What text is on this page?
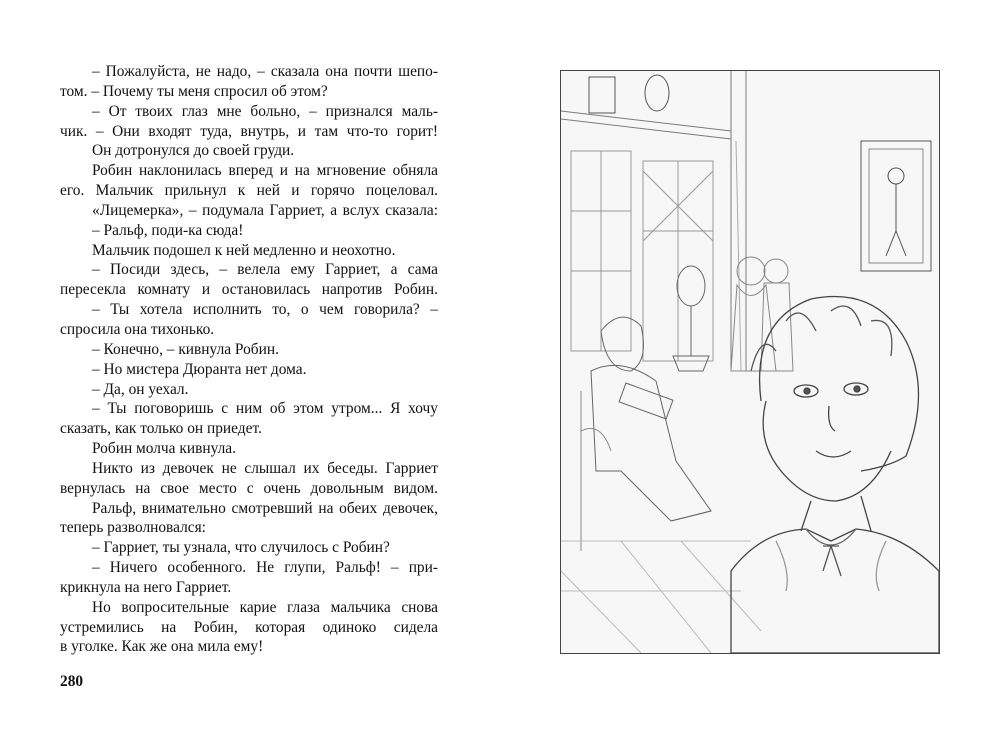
– Пожалуйста, не надо, – сказала она почти шепо-
том. – Почему ты меня спросил об этом?
– От твоих глаз мне больно, – признался маль-
чик. – Они входят туда, внутрь, и там что-то горит!
Он дотронулся до своей груди.
Робин наклонилась вперед и на мгновение обняла
его. Мальчик прильнул к ней и горячо поцеловал.
«Лицемерка», – подумала Гарриет, а вслух сказала:
– Ральф, поди-ка сюда!
Мальчик подошел к ней медленно и неохотно.
– Посиди здесь, – велела ему Гарриет, а сама
пересекла комнату и остановилась напротив Робин.
– Ты хотела исполнить то, о чем говорила? –
спросила она тихонько.
– Конечно, – кивнула Робин.
– Но мистера Дюранта нет дома.
– Да, он уехал.
– Ты поговоришь с ним об этом утром... Я хочу
сказать, как только он приедет.
Робин молча кивнула.
Никто из девочек не слышал их беседы. Гарриет
вернулась на свое место с очень довольным видом.
Ральф, внимательно смотревший на обеих девочек,
теперь разволновался:
– Гарриет, ты узнала, что случилось с Робин?
– Ничего особенного. Не глупи, Ральф! – при-
крикнула на него Гарриет.
Но вопросительные карие глаза мальчика снова
устремились на Робин, которая одиноко сидела
в уголке. Как же она мила ему!
280
